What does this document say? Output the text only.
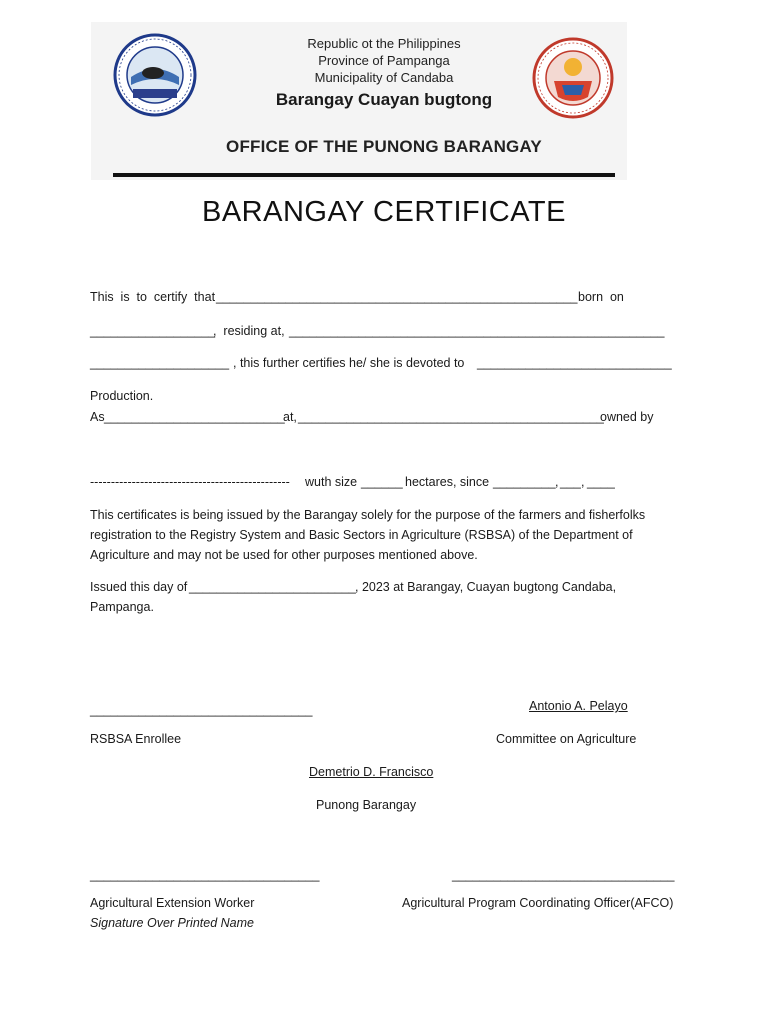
Republic ot the Philippines
Province of Pampanga
Municipality of Candaba
Barangay Cuayan bugtong
OFFICE OF THE PUNONG BARANGAY
BARANGAY CERTIFICATE
This  is  to  certify  that ____________________________________________________ born  on
__________________
,  residing at, ______________________________________________________
____________________ , this further certifies he/ she is devoted to ____________________________
Production.
As __________________________
at, ____________________________________________
owned by
------------------------------------------------ wuth size ______ hectares, since _________ , ___ , ____
This certificates is being issued by the Barangay solely for the purpose of the farmers and fisherfolks registration to the Registry System and Basic Sectors in Agriculture (RSBSA) of the Department of Agriculture and may not be used for other purposes mentioned above.
Issued this day of ________________________ , 2023 at Barangay, Cuayan bugtong Candaba,
Pampanga.
________________________________
RSBSA Enrollee
Antonio A. Pelayo
Committee on Agriculture
Demetrio D. Francisco
Punong Barangay
_________________________________
Agricultural Extension Worker
Signature Over Printed Name
________________________________
Agricultural Program Coordinating Officer(AFCO)
